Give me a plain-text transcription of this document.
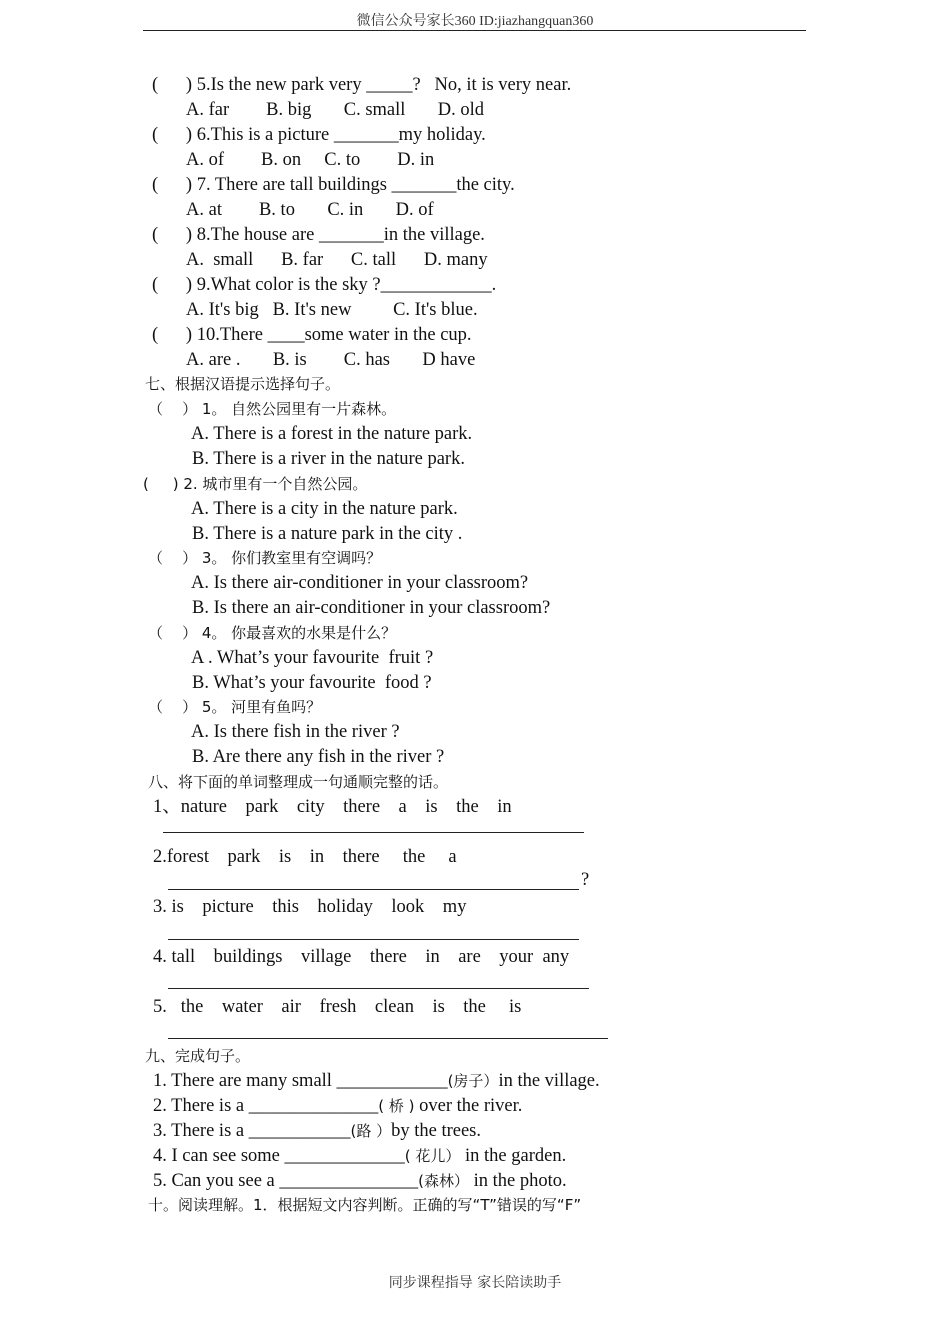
微信公众号家长360 ID:jiazhangquan360
(      ) 5.Is the new park very _____?   No, it is very near.
A. far        B. big       C. small       D. old
(      ) 6.This is a picture _______my holiday.
A. of        B. on     C. to        D. in
(      ) 7. There are tall buildings _______the city.
A. at        B. to       C. in       D. of
(      ) 8.The house are _______in the village.
A.  small      B. far      C. tall      D. many
(      ) 9.What color is the sky ?____________.
A. It's big   B. It's new         C. It's blue.
(      ) 10.There ____some water in the cup.
A. are .       B. is        C. has       D have
七、根据汉语提示选择句子。
（    ） 1。 自然公园里有一片森林。
A. There is a forest in the nature park.
B. There is a river in the nature park.
(     ) 2. 城市里有一个自然公园。
A. There is a city in the nature park.
B. There is a nature park in the city .
（    ） 3。 你们教室里有空调吗？
A. Is there air-conditioner in your classroom?
B. Is there an air-conditioner in your classroom?
（    ） 4。 你最喜欢的水果是什么？
A . What’s your favourite  fruit ?
B. What’s your favourite  food ?
（    ） 5。 河里有鱼吗？
A. Is there fish in the river ?
B. Are there any fish in the river ?
八、将下面的单词整理成一句通顺完整的话。
1、nature    park    city    there    a    is    the    in
2.forest    park    is    in    there     the     a
?
3. is    picture    this    holiday    look    my
4. tall    buildings    village    there    in    are    your  any
5.   the    water    air    fresh    clean    is    the     is
九、完成句子。
1. There are many small ____________(房子）in the village.
2. There is a ______________( 桥 ) over the river.
3. There is a ___________(路 ）by the trees.
4. I can see some _____________( 花儿） in the garden.
5. Can you see a _______________(森林） in the photo.
十。阅读理解。1．根据短文内容判断。正确的写“T”错误的写“F”
同步课程指导 家长陪读助手
